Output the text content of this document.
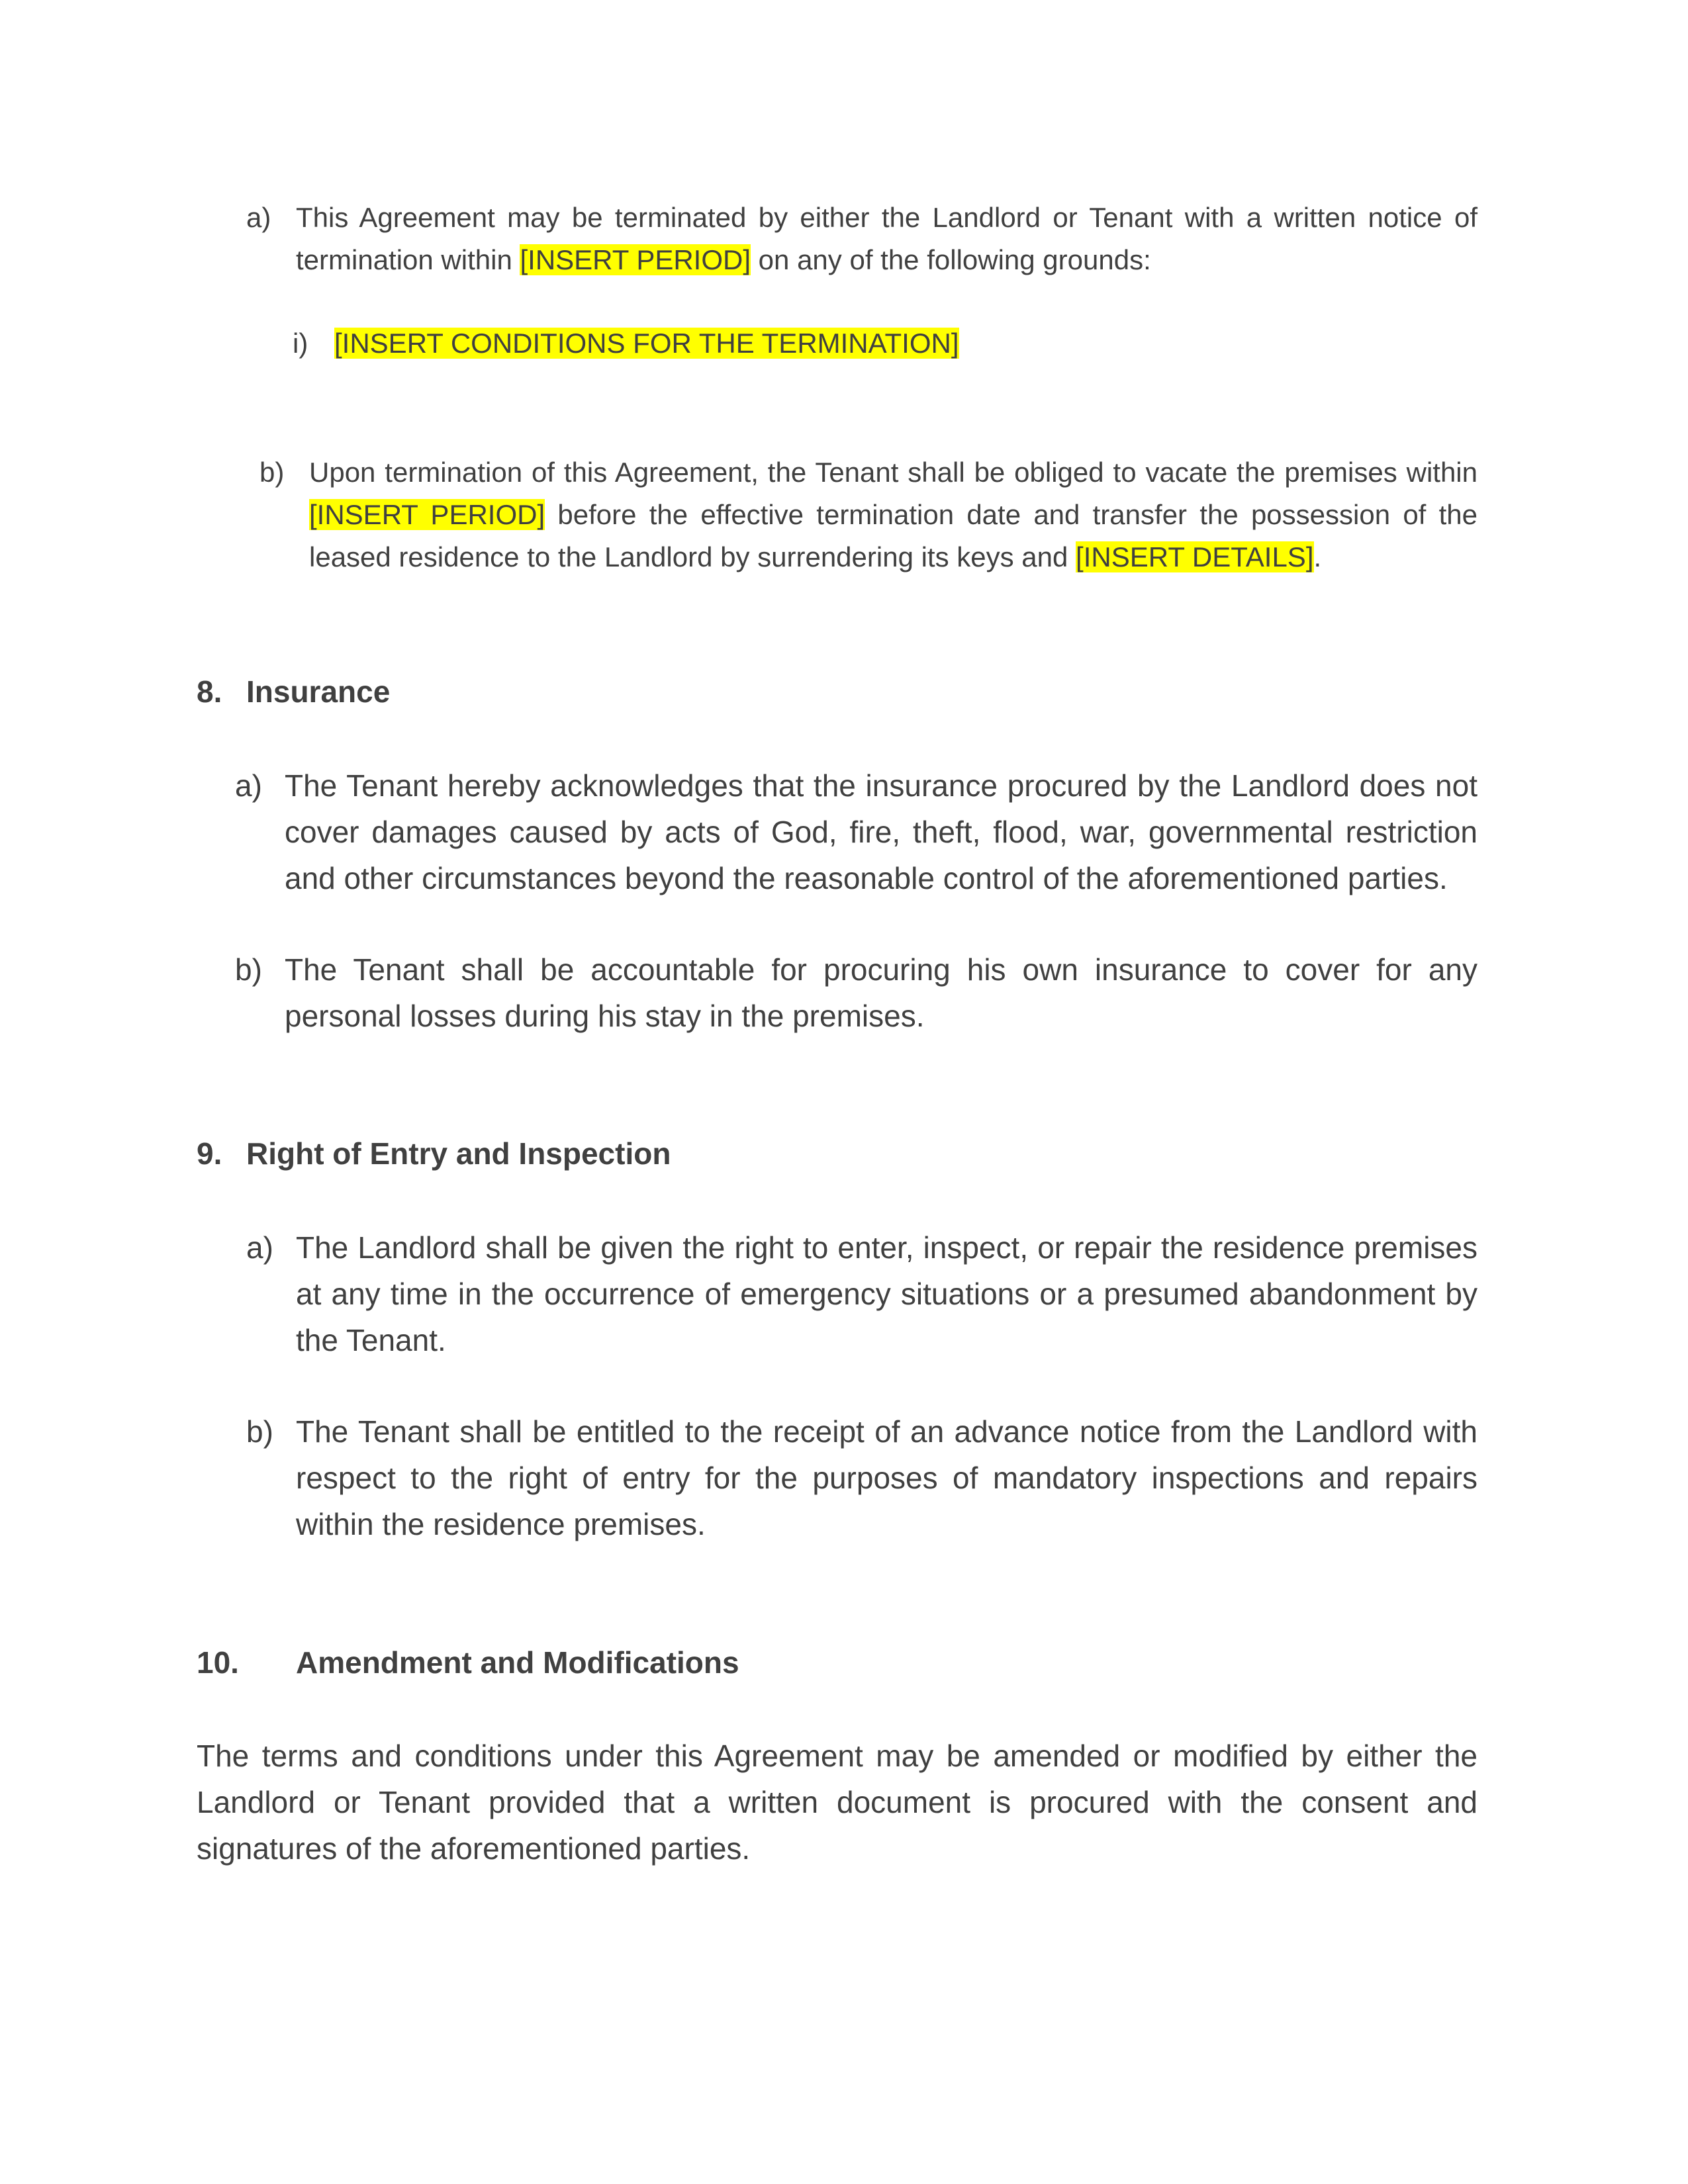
a) This Agreement may be terminated by either the Landlord or Tenant with a written notice of termination within [INSERT PERIOD] on any of the following grounds:
i) [INSERT CONDITIONS FOR THE TERMINATION]
b) Upon termination of this Agreement, the Tenant shall be obliged to vacate the premises within [INSERT PERIOD] before the effective termination date and transfer the possession of the leased residence to the Landlord by surrendering its keys and [INSERT DETAILS].
8. Insurance
a) The Tenant hereby acknowledges that the insurance procured by the Landlord does not cover damages caused by acts of God, fire, theft, flood, war, governmental restriction and other circumstances beyond the reasonable control of the aforementioned parties.
b) The Tenant shall be accountable for procuring his own insurance to cover for any personal losses during his stay in the premises.
9. Right of Entry and Inspection
a) The Landlord shall be given the right to enter, inspect, or repair the residence premises at any time in the occurrence of emergency situations or a presumed abandonment by the Tenant.
b) The Tenant shall be entitled to the receipt of an advance notice from the Landlord with respect to the right of entry for the purposes of mandatory inspections and repairs within the residence premises.
10. Amendment and Modifications
The terms and conditions under this Agreement may be amended or modified by either the Landlord or Tenant provided that a written document is procured with the consent and signatures of the aforementioned parties.
